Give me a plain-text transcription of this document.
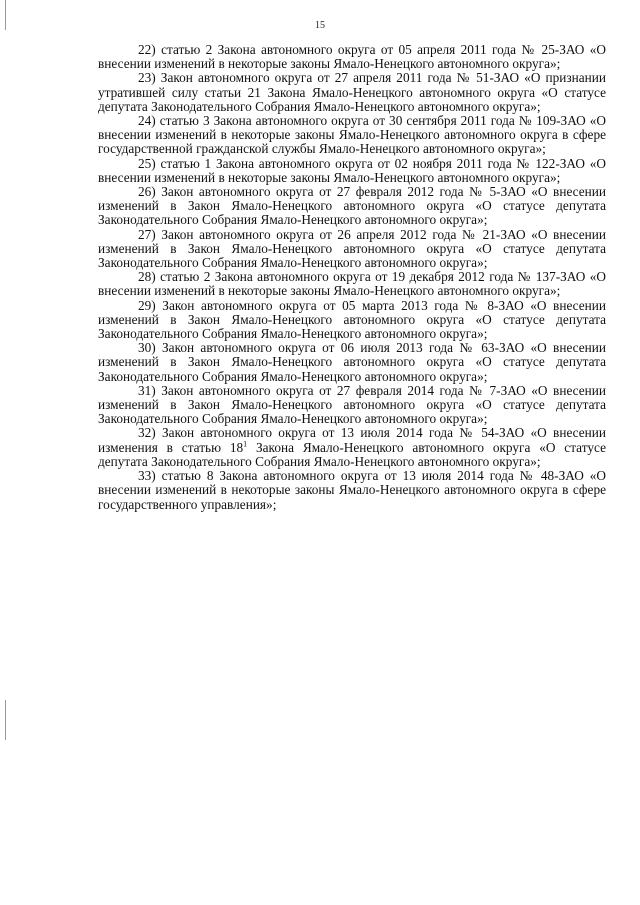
15

22) статью 2 Закона автономного округа от 05 апреля 2011 года № 25-ЗАО «О внесении изменений в некоторые законы Ямало-Ненецкого автономного округа»;

23) Закон автономного округа от 27 апреля 2011 года № 51-ЗАО «О признании утратившей силу статьи 21 Закона Ямало-Ненецкого автономного округа «О статусе депутата Законодательного Собрания Ямало-Ненецкого автономного округа»;

24) статью 3 Закона автономного округа от 30 сентября 2011 года № 109-ЗАО «О внесении изменений в некоторые законы Ямало-Ненецкого автономного округа в сфере государственной гражданской службы Ямало-Ненецкого автономного округа»;

25) статью 1 Закона автономного округа от 02 ноября 2011 года № 122-ЗАО «О внесении изменений в некоторые законы Ямало-Ненецкого автономного округа»;

26) Закон автономного округа от 27 февраля 2012 года № 5-ЗАО «О внесении изменений в Закон Ямало-Ненецкого автономного округа «О статусе депутата Законодательного Собрания Ямало-Ненецкого автономного округа»;

27) Закон автономного округа от 26 апреля 2012 года № 21-ЗАО «О внесении изменений в Закон Ямало-Ненецкого автономного округа «О статусе депутата Законодательного Собрания Ямало-Ненецкого автономного округа»;

28) статью 2 Закона автономного округа от 19 декабря 2012 года № 137-ЗАО «О внесении изменений в некоторые законы Ямало-Ненецкого автономного округа»;

29) Закон автономного округа от 05 марта 2013 года № 8-ЗАО «О внесении изменений в Закон Ямало-Ненецкого автономного округа «О статусе депутата Законодательного Собрания Ямало-Ненецкого автономного округа»;

30) Закон автономного округа от 06 июля 2013 года № 63-ЗАО «О внесении изменений в Закон Ямало-Ненецкого автономного округа «О статусе депутата Законодательного Собрания Ямало-Ненецкого автономного округа»;

31) Закон автономного округа от 27 февраля 2014 года № 7-ЗАО «О внесении изменений в Закон Ямало-Ненецкого автономного округа «О статусе депутата Законодательного Собрания Ямало-Ненецкого автономного округа»;

32) Закон автономного округа от 13 июля 2014 года № 54-ЗАО «О внесении изменения в статью $18^1$ Закона Ямало-Ненецкого автономного округа «О статусе депутата Законодательного Собрания Ямало-Ненецкого автономного округа»;

33) статью 8 Закона автономного округа от 13 июля 2014 года № 48-ЗАО «О внесении изменений в некоторые законы Ямало-Ненецкого автономного округа в сфере государственного управления»;
